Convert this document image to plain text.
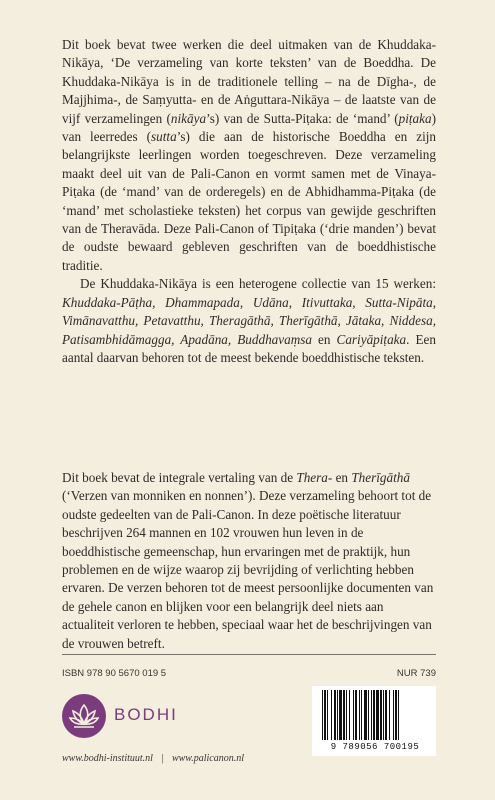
Dit boek bevat twee werken die deel uitmaken van de Khuddaka-Nikāya, ‘De verzameling van korte teksten’ van de Boeddha. De Khuddaka-Nikāya is in de traditionele telling – na de Dīgha-, de Majjhima-, de Saṃyutta- en de Aṅguttara-Nikāya – de laatste van de vijf verzamelingen (nikāya’s) van de Sutta-Piṭaka: de ‘mand’ (piṭaka) van leerredes (sutta’s) die aan de historische Boeddha en zijn belangrijkste leerlingen worden toegeschreven. Deze verzameling maakt deel uit van de Pali-Canon en vormt samen met de Vinaya-Piṭaka (de ‘mand’ van de orderegels) en de Abhidhamma-Piṭaka (de ‘mand’ met scholastieke teksten) het corpus van gewijde geschriften van de Theravāda. Deze Pali-Canon of Tipiṭaka (‘drie manden’) bevat de oudste bewaard gebleven geschriften van de boeddhistische traditie.

De Khuddaka-Nikāya is een heterogene collectie van 15 werken: Khuddaka-Pāṭha, Dhammapada, Udāna, Itivuttaka, Sutta-Nipāta, Vimānavatthu, Petavatthu, Theragāthā, Therīgāthā, Jātaka, Niddesa, Patisambhidāmagga, Apadāna, Buddhavaṃsa en Cariyāpiṭaka. Een aantal daarvan behoren tot de meest bekende boeddhistische teksten.

Dit boek bevat de integrale vertaling van de Thera- en Therīgāthā (‘Verzen van monniken en nonnen’). Deze verzameling behoort tot de oudste gedeelten van de Pali-Canon. In deze poëtische literatuur beschrijven 264 mannen en 102 vrouwen hun leven in de boeddhistische gemeenschap, hun ervaringen met de praktijk, hun problemen en de wijze waarop zij bevrijding of verlichting hebben ervaren. De verzen behoren tot de meest persoonlijke documenten van de gehele canon en blijken voor een belangrijk deel niets aan actualiteit verloren te hebben, speciaal waar het de beschrijvingen van de vrouwen betreft.

ISBN 978 90 5670 019 5	NUR 739
BODHI
www.bodhi-instituut.nl | www.palicanon.nl
9 789056 700195
